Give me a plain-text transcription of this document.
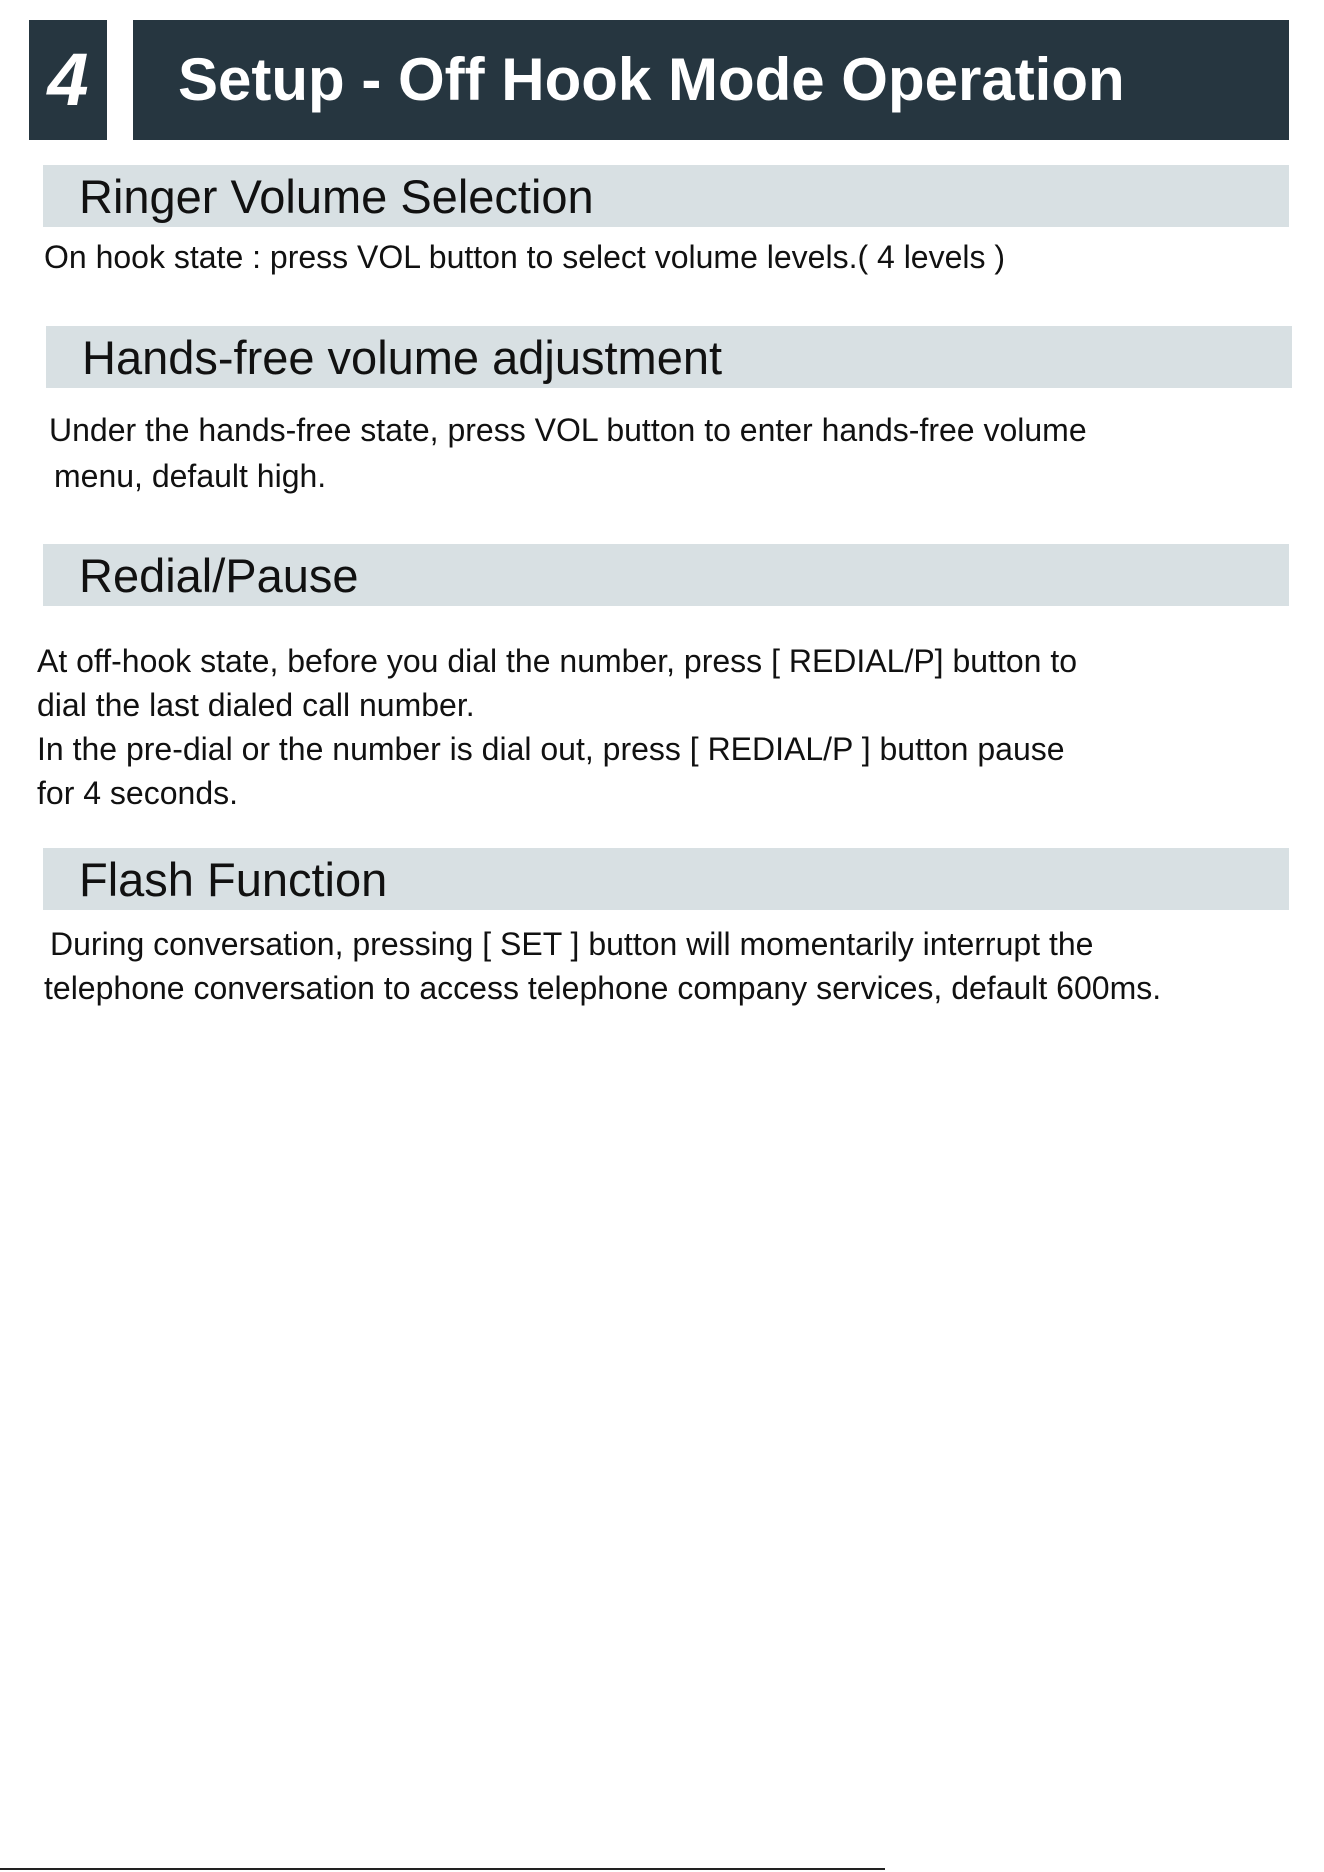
4	Setup - Off Hook Mode Operation
Ringer Volume Selection
On hook state : press VOL button to select volume levels.( 4 levels )
Hands-free volume adjustment
Under the hands-free state, press VOL button to enter hands-free volume
menu, default high.
Redial/Pause
At off-hook state, before you dial the number, press [ REDIAL/P] button to
dial the last dialed call number.
In the pre-dial or the number is dial out, press [ REDIAL/P ] button pause
for 4 seconds.
Flash Function
During conversation, pressing [ SET ] button will momentarily interrupt the
telephone conversation to access telephone company services, default 600ms.
